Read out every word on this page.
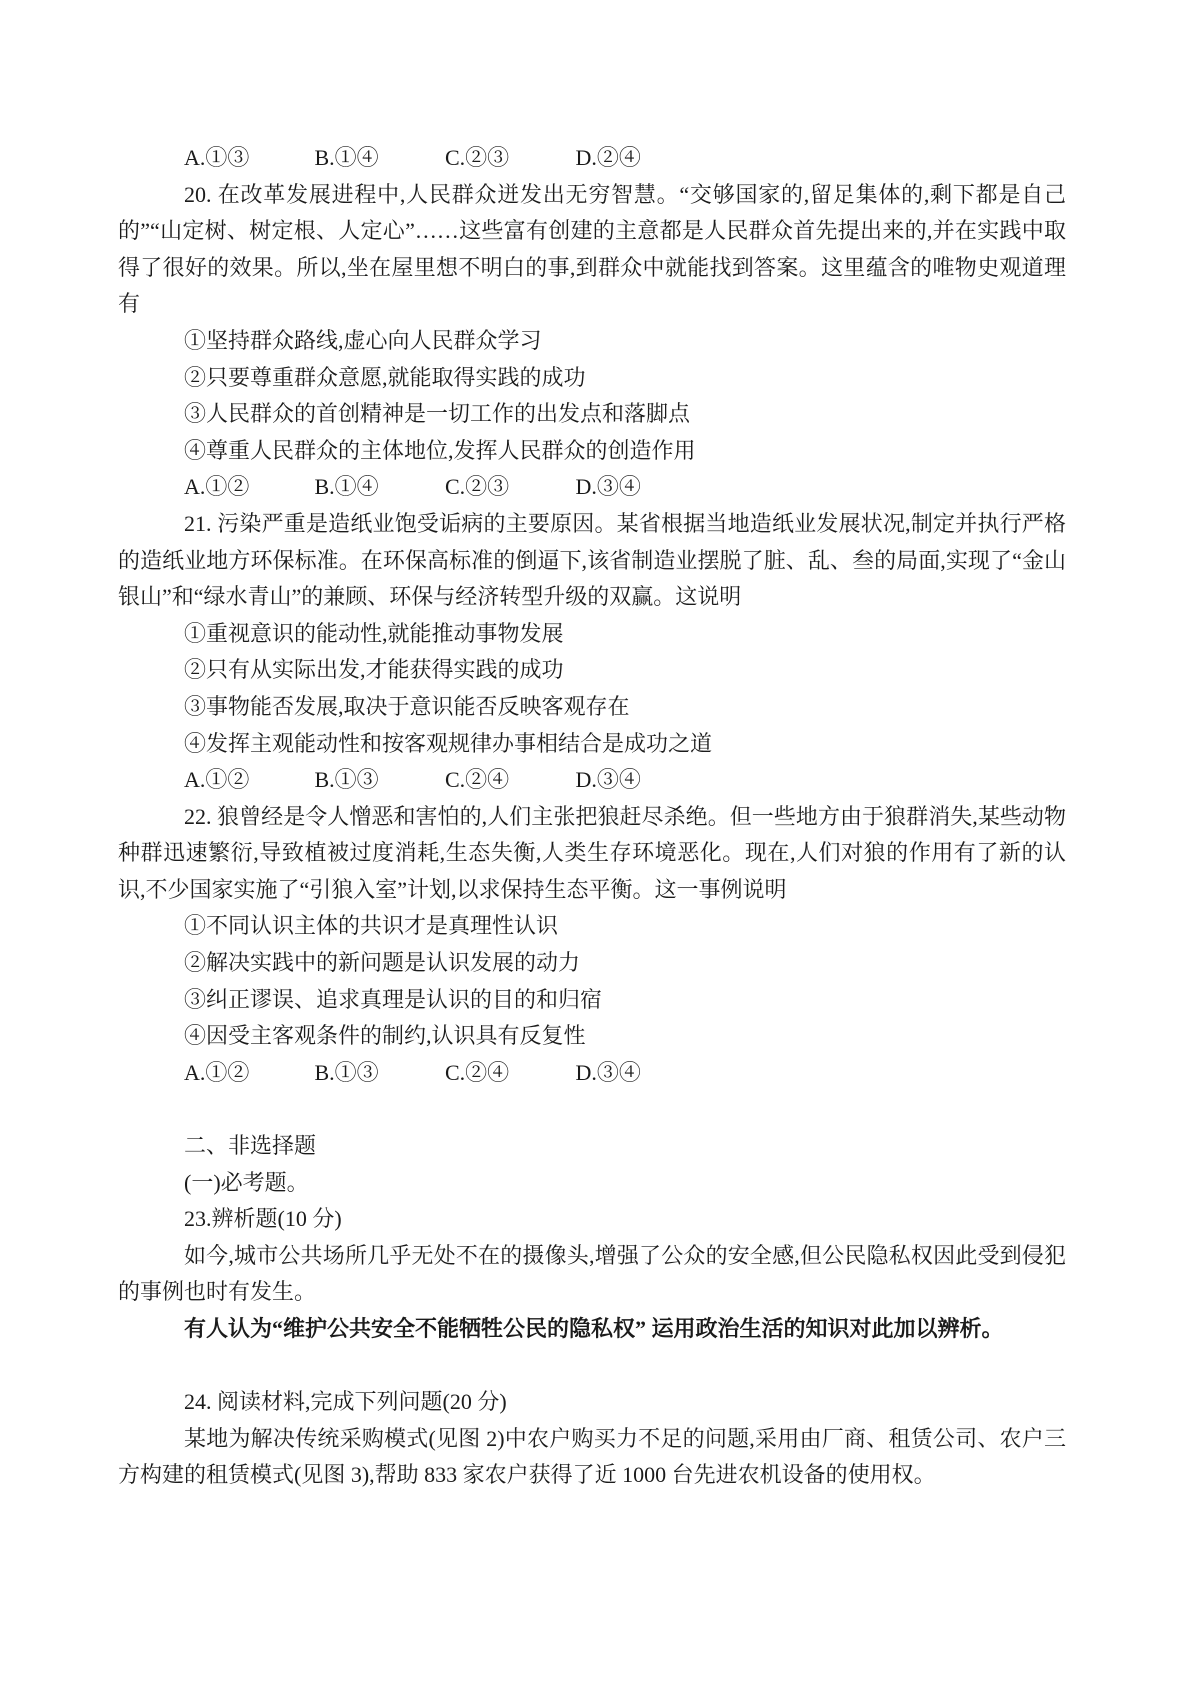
A.①③	B.①④	C.②③	D.②④

20. 在改革发展进程中,人民群众迸发出无穷智慧。“交够国家的,留足集体的,剩下都是自己的”“山定树、树定根、人定心”……这些富有创建的主意都是人民群众首先提出来的,并在实践中取得了很好的效果。所以,坐在屋里想不明白的事,到群众中就能找到答案。这里蕴含的唯物史观道理有

①坚持群众路线,虚心向人民群众学习

②只要尊重群众意愿,就能取得实践的成功

③人民群众的首创精神是一切工作的出发点和落脚点

④尊重人民群众的主体地位,发挥人民群众的创造作用

A.①②	B.①④	C.②③	D.③④

21. 污染严重是造纸业饱受诟病的主要原因。某省根据当地造纸业发展状况,制定并执行严格的造纸业地方环保标准。在环保高标准的倒逼下,该省制造业摆脱了脏、乱、叁的局面,实现了“金山银山”和“绿水青山”的兼顾、环保与经济转型升级的双赢。这说明

①重视意识的能动性,就能推动事物发展

②只有从实际出发,才能获得实践的成功

③事物能否发展,取决于意识能否反映客观存在

④发挥主观能动性和按客观规律办事相结合是成功之道

A.①②	B.①③	C.②④	D.③④

22. 狼曾经是令人憎恶和害怕的,人们主张把狼赶尽杀绝。但一些地方由于狼群消失,某些动物种群迅速繁衍,导致植被过度消耗,生态失衡,人类生存环境恶化。现在,人们对狼的作用有了新的认识,不少国家实施了“引狼入室”计划,以求保持生态平衡。这一事例说明

①不同认识主体的共识才是真理性认识

②解决实践中的新问题是认识发展的动力

③纠正谬误、追求真理是认识的目的和归宿

④因受主客观条件的制约,认识具有反复性

A.①②	B.①③	C.②④	D.③④

二、非选择题

(一)必考题。

23.辨析题(10 分)

如今,城市公共场所几乎无处不在的摄像头,增强了公众的安全感,但公民隐私权因此受到侵犯的事例也时有发生。

有人认为“维护公共安全不能牺牲公民的隐私权” 运用政治生活的知识对此加以辨析。

24. 阅读材料,完成下列问题(20 分)

某地为解决传统采购模式(见图 2)中农户购买力不足的问题,采用由厂商、租赁公司、农户三方构建的租赁模式(见图 3),帮助 833 家农户获得了近 1000 台先进农机设备的使用权。
